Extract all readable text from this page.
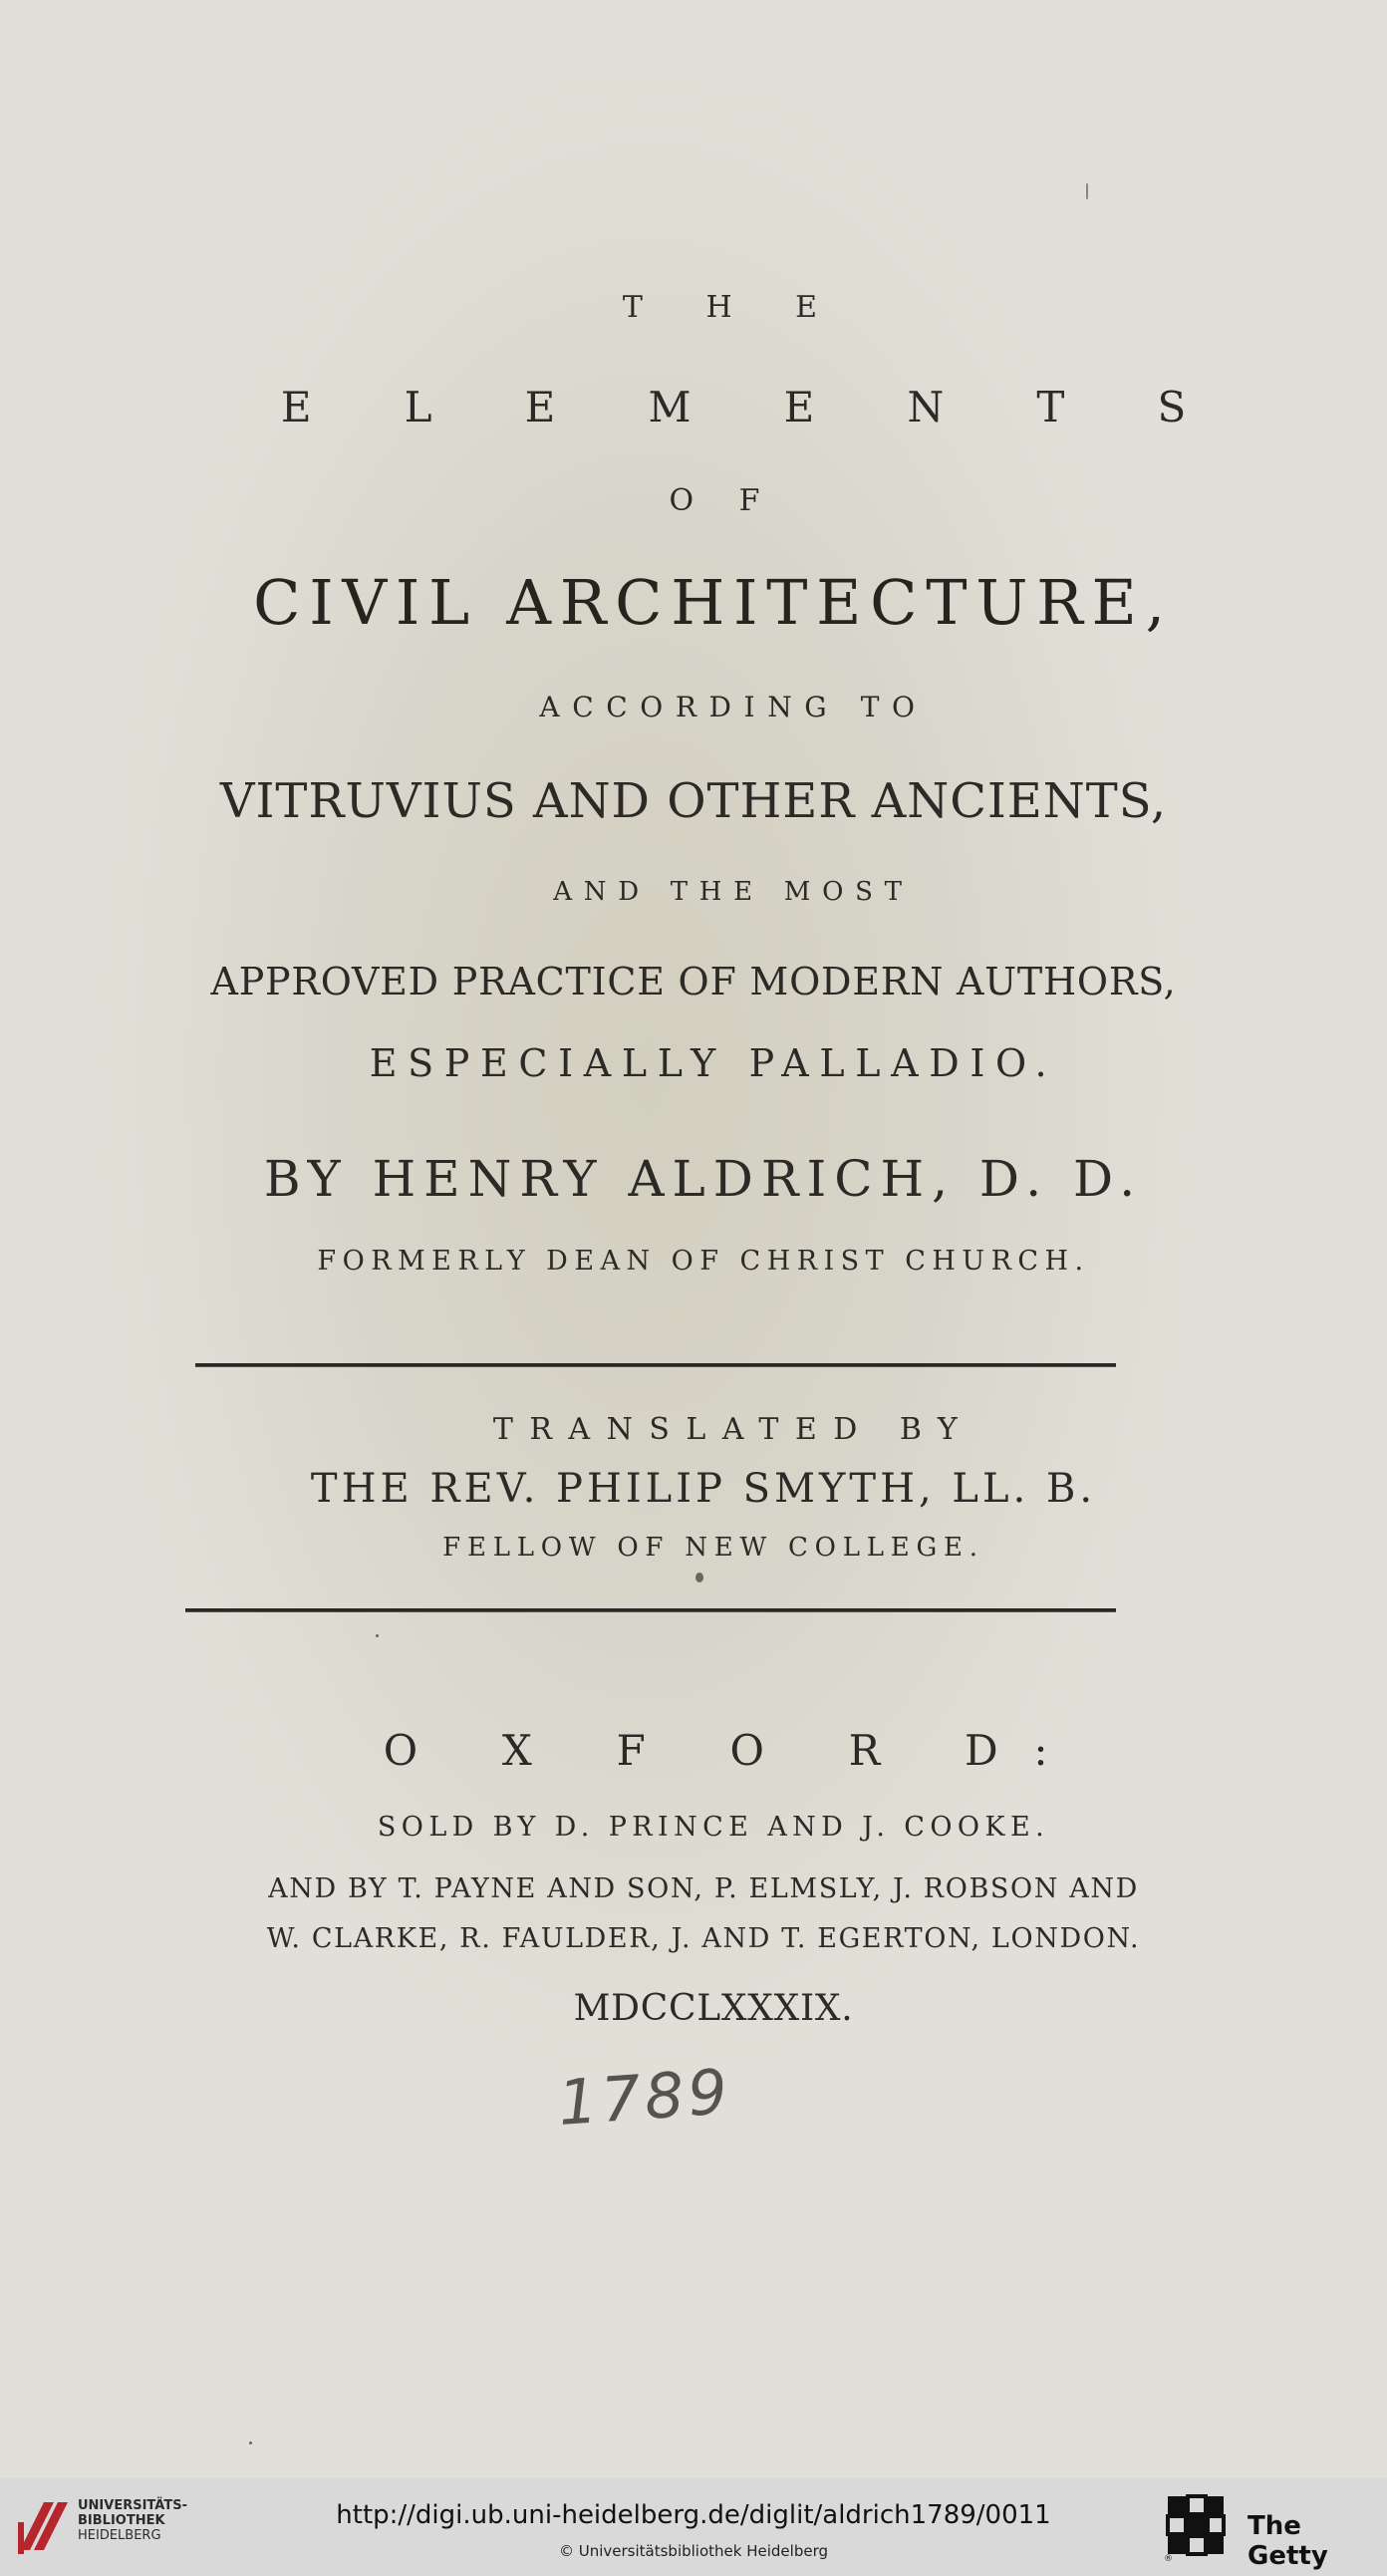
T H E
E L E M E N T S
O F
CIVIL ARCHITECTURE,
ACCORDING TO
VITRUVIUS AND OTHER ANCIENTS,
AND THE MOST
APPROVED PRACTICE OF MODERN AUTHORS,
ESPECIALLY PALLADIO.
BY HENRY ALDRICH, D. D.
FORMERLY DEAN OF CHRIST CHURCH.
TRANSLATED BY
THE REV. PHILIP SMYTH, LL. B.
FELLOW OF NEW COLLEGE.
O X F O R D:
SOLD BY D. PRINCE AND J. COOKE.
AND BY T. PAYNE AND SON, P. ELMSLY, J. ROBSON AND
W. CLARKE, R. FAULDER, J. AND T. EGERTON, LONDON.
MDCCLXXXIX.
1789
UNIVERSITÄTS-
BIBLIOTHEK
HEIDELBERG
http://digi.ub.uni-heidelberg.de/diglit/aldrich1789/0011
© Universitätsbibliothek Heidelberg	®
The Getty
